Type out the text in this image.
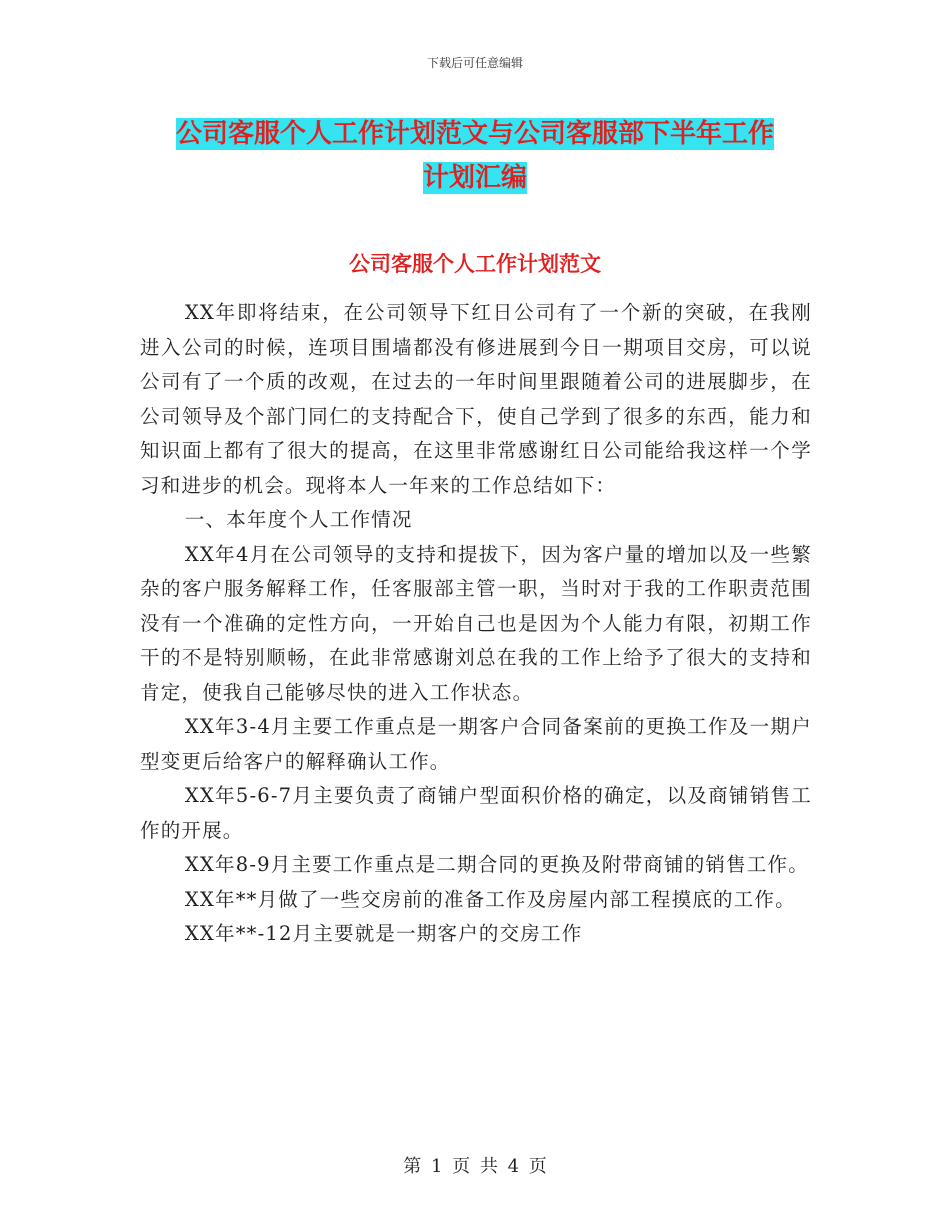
下载后可任意编辑
公司客服个人工作计划范文与公司客服部下半年工作
计划汇编
公司客服个人工作计划范文

XX年即将结束，在公司领导下红日公司有了一个新的突破，在我刚进入公司的时候，连项目围墙都没有修进展到今日一期项目交房，可以说公司有了一个质的改观，在过去的一年时间里跟随着公司的进展脚步，在公司领导及个部门同仁的支持配合下，使自己学到了很多的东西，能力和知识面上都有了很大的提高，在这里非常感谢红日公司能给我这样一个学习和进步的机会。现将本人一年来的工作总结如下：

一、本年度个人工作情况

XX年4月在公司领导的支持和提拔下，因为客户量的增加以及一些繁杂的客户服务解释工作，任客服部主管一职，当时对于我的工作职责范围没有一个准确的定性方向，一开始自己也是因为个人能力有限，初期工作干的不是特别顺畅，在此非常感谢刘总在我的工作上给予了很大的支持和肯定，使我自己能够尽快的进入工作状态。

XX年3-4月主要工作重点是一期客户合同备案前的更换工作及一期户型变更后给客户的解释确认工作。

XX年5-6-7月主要负责了商铺户型面积价格的确定，以及商铺销售工作的开展。

XX年8-9月主要工作重点是二期合同的更换及附带商铺的销售工作。

XX年**月做了一些交房前的准备工作及房屋内部工程摸底的工作。

XX年**-12月主要就是一期客户的交房工作

第 1 页 共 4 页
